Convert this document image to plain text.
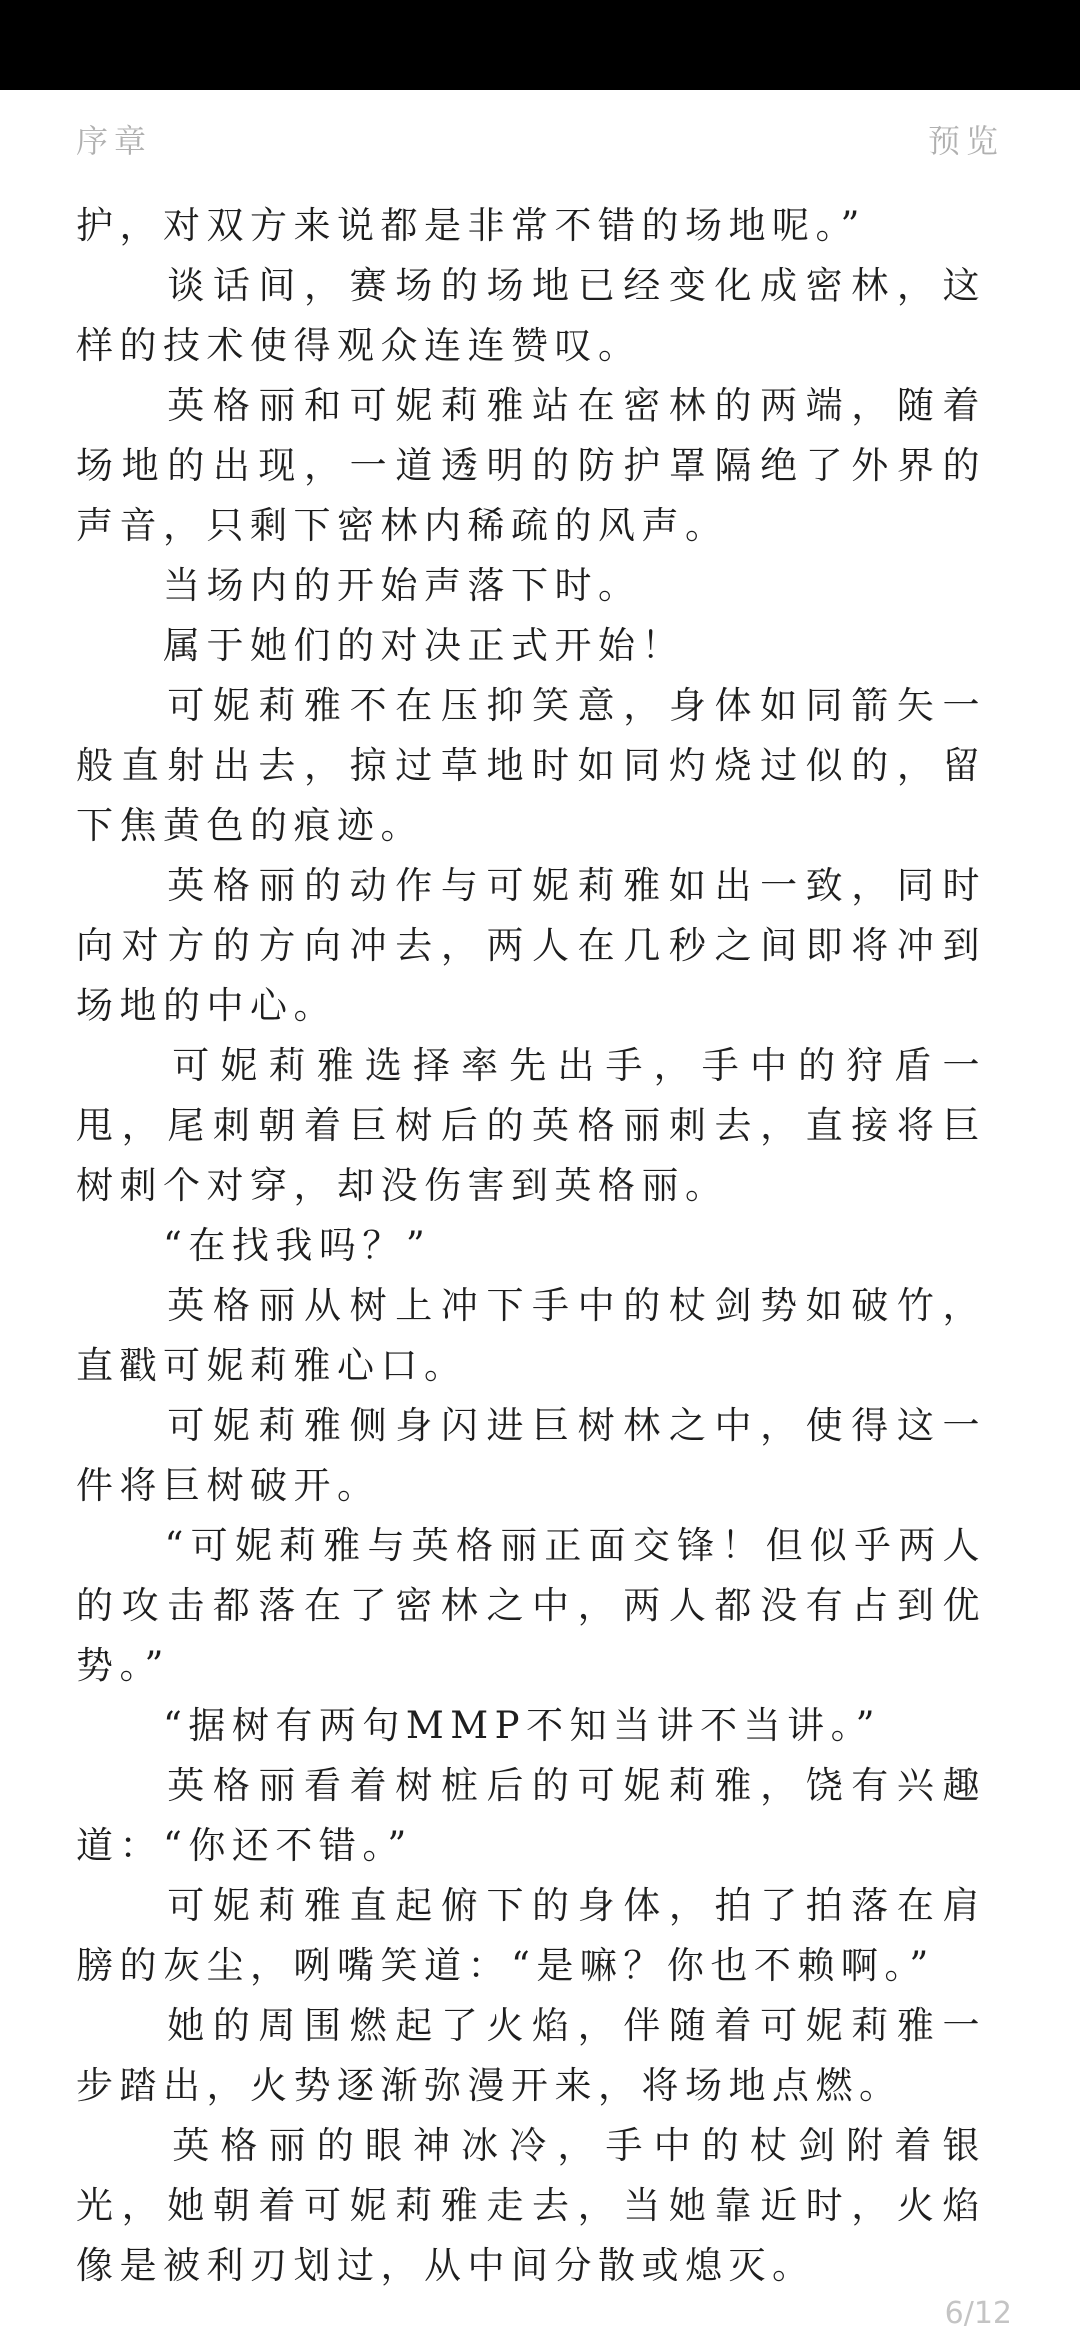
序章	预览

护，对双方来说都是非常不错的场地呢。”

　　谈话间，赛场的场地已经变化成密林，这样的技术使得观众连连赞叹。

　　英格丽和可妮莉雅站在密林的两端，随着场地的出现，一道透明的防护罩隔绝了外界的声音，只剩下密林内稀疏的风声。

　　当场内的开始声落下时。

　　属于她们的对决正式开始！

　　可妮莉雅不在压抑笑意，身体如同箭矢一般直射出去，掠过草地时如同灼烧过似的，留下焦黄色的痕迹。

　　英格丽的动作与可妮莉雅如出一致，同时向对方的方向冲去，两人在几秒之间即将冲到场地的中心。

　　可妮莉雅选择率先出手，手中的狩盾一甩，尾刺朝着巨树后的英格丽刺去，直接将巨树刺个对穿，却没伤害到英格丽。

　　“在找我吗？”

　　英格丽从树上冲下手中的杖剑势如破竹，直戳可妮莉雅心口。

　　可妮莉雅侧身闪进巨树林之中，使得这一件将巨树破开。

　　“可妮莉雅与英格丽正面交锋！但似乎两人的攻击都落在了密林之中，两人都没有占到优势。”

　　“据树有两句MMP不知当讲不当讲。”

　　英格丽看着树桩后的可妮莉雅，饶有兴趣道：“你还不错。”

　　可妮莉雅直起俯下的身体，拍了拍落在肩膀的灰尘，咧嘴笑道：“是嘛？你也不赖啊。”

　　她的周围燃起了火焰，伴随着可妮莉雅一步踏出，火势逐渐弥漫开来，将场地点燃。

　　英格丽的眼神冰冷，手中的杖剑附着银光，她朝着可妮莉雅走去，当她靠近时，火焰像是被利刃划过，从中间分散或熄灭。

6/12
